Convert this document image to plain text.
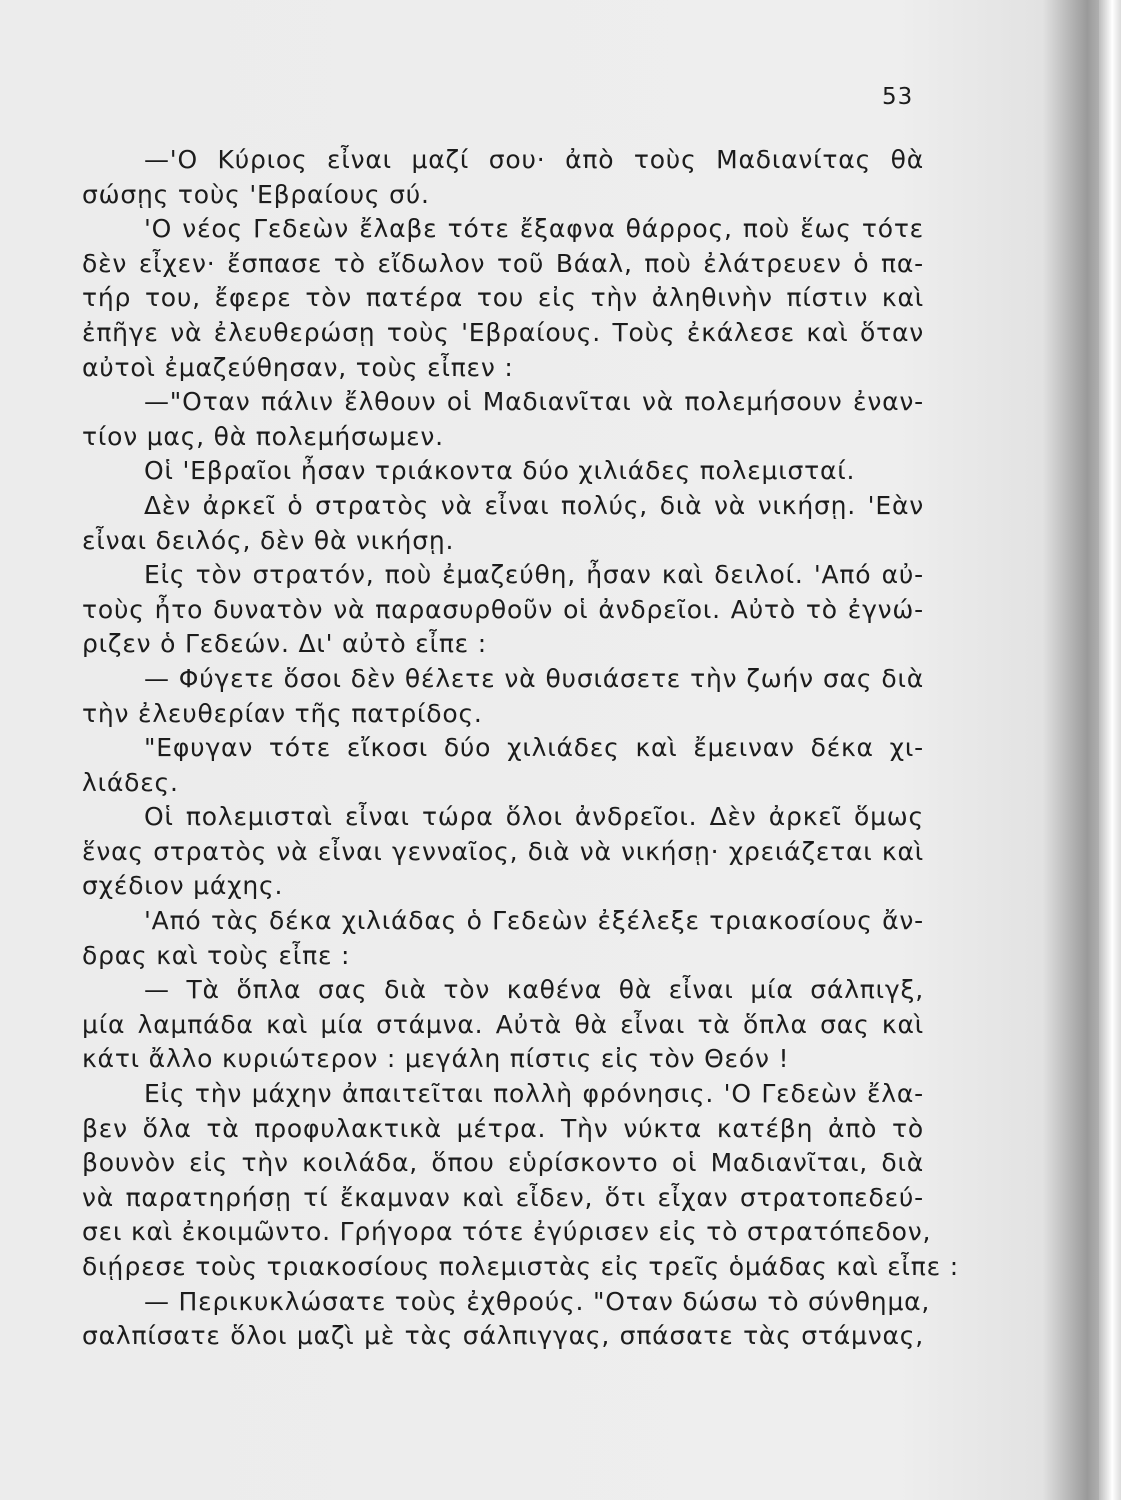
53

—'Ο Κύριος εἶναι μαζί σου· ἀπὸ τοὺς Μαδιανίτας θὰ
σώσῃς τοὺς 'Εβραίους σύ.

'Ο νέος Γεδεὼν ἔλαβε τότε ἔξαφνα θάρρος, ποὺ ἕως τότε
δὲν εἶχεν· ἔσπασε τὸ εἴδωλον τοῦ Βάαλ, ποὺ ἐλάτρευεν ὁ πα-
τήρ του, ἔφερε τὸν πατέρα του εἰς τὴν ἀληθινὴν πίστιν καὶ
ἐπῆγε νὰ ἐλευθερώσῃ τοὺς 'Εβραίους. Τοὺς ἐκάλεσε καὶ ὅταν
αὐτοὶ ἐμαζεύθησαν, τοὺς εἶπεν :

—"Οταν πάλιν ἔλθουν οἱ Μαδιανῖται νὰ πολεμήσουν ἐναν-
τίον μας, θὰ πολεμήσωμεν.

Οἱ 'Εβραῖοι ἦσαν τριάκοντα δύο χιλιάδες πολεμισταί.

Δὲν ἀρκεῖ ὁ στρατὸς νὰ εἶναι πολύς, διὰ νὰ νικήσῃ. 'Εὰν
εἶναι δειλός, δὲν θὰ νικήσῃ.

Εἰς τὸν στρατόν, ποὺ ἐμαζεύθη, ἦσαν καὶ δειλοί. 'Από αὐ-
τοὺς ἦτο δυνατὸν νὰ παρασυρθοῦν οἱ ἀνδρεῖοι. Αὐτὸ τὸ ἐγνώ-
ριζεν ὁ Γεδεών. Δι' αὐτὸ εἶπε :

— Φύγετε ὅσοι δὲν θέλετε νὰ θυσιάσετε τὴν ζωήν σας διὰ
τὴν ἐλευθερίαν τῆς πατρίδος.

"Εφυγαν τότε εἴκοσι δύο χιλιάδες καὶ ἔμειναν δέκα χι-
λιάδες.

Οἱ πολεμισταὶ εἶναι τώρα ὅλοι ἀνδρεῖοι. Δὲν ἀρκεῖ ὅμως
ἕνας στρατὸς νὰ εἶναι γενναῖος, διὰ νὰ νικήσῃ· χρειάζεται καὶ
σχέδιον μάχης.

'Από τὰς δέκα χιλιάδας ὁ Γεδεὼν ἐξέλεξε τριακοσίους ἄν-
δρας καὶ τοὺς εἶπε :

— Τὰ ὅπλα σας διὰ τὸν καθένα θὰ εἶναι μία σάλπιγξ,
μία λαμπάδα καὶ μία στάμνα. Αὐτὰ θὰ εἶναι τὰ ὅπλα σας καὶ
κάτι ἄλλο κυριώτερον : μεγάλη πίστις εἰς τὸν Θεόν !

Εἰς τὴν μάχην ἀπαιτεῖται πολλὴ φρόνησις. 'Ο Γεδεὼν ἔλα-
βεν ὅλα τὰ προφυλακτικὰ μέτρα. Τὴν νύκτα κατέβη ἀπὸ τὸ
βουνὸν εἰς τὴν κοιλάδα, ὅπου εὑρίσκοντο οἱ Μαδιανῖται, διὰ
νὰ παρατηρήσῃ τί ἔκαμναν καὶ εἶδεν, ὅτι εἶχαν στρατοπεδεύ-
σει καὶ ἐκοιμῶντο. Γρήγορα τότε ἐγύρισεν εἰς τὸ στρατόπεδον,
διῄρεσε τοὺς τριακοσίους πολεμιστὰς εἰς τρεῖς ὁμάδας καὶ εἶπε :

— Περικυκλώσατε τοὺς ἐχθρούς. "Οταν δώσω τὸ σύνθημα,
σαλπίσατε ὅλοι μαζὶ μὲ τὰς σάλπιγγας, σπάσατε τὰς στάμνας,
